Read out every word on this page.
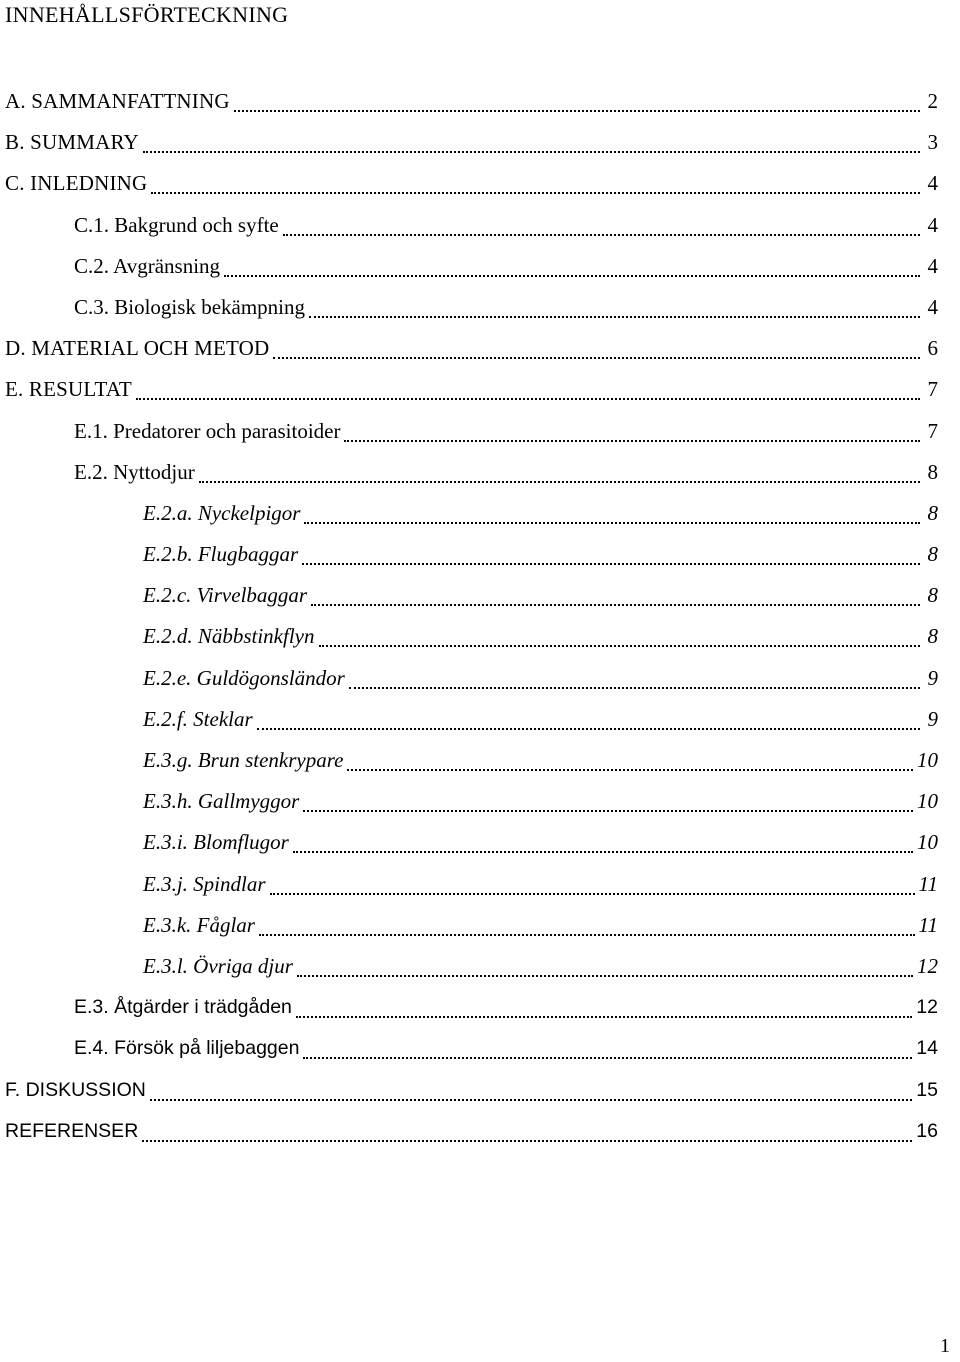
INNEHÅLLSFÖRTECKNING
A. SAMMANFATTNING	2
B. SUMMARY	3
C. INLEDNING	4
C.1. Bakgrund och syfte	4
C.2. Avgränsning	4
C.3. Biologisk bekämpning	4
D. MATERIAL OCH METOD	6
E. RESULTAT	7
E.1. Predatorer och parasitoider	7
E.2. Nyttodjur	8
E.2.a. Nyckelpigor	8
E.2.b. Flugbaggar	8
E.2.c. Virvelbaggar	8
E.2.d. Näbbstinkflyn	8
E.2.e. Guldögonsländor	9
E.2.f. Steklar	9
E.3.g. Brun stenkrypare	10
E.3.h. Gallmyggor	10
E.3.i. Blomflugor	10
E.3.j. Spindlar	11
E.3.k. Fåglar	11
E.3.l. Övriga djur	12
E.3. Åtgärder i trädgåden	12
E.4. Försök på liljebaggen	14
F. DISKUSSION	15
REFERENSER	16
1
